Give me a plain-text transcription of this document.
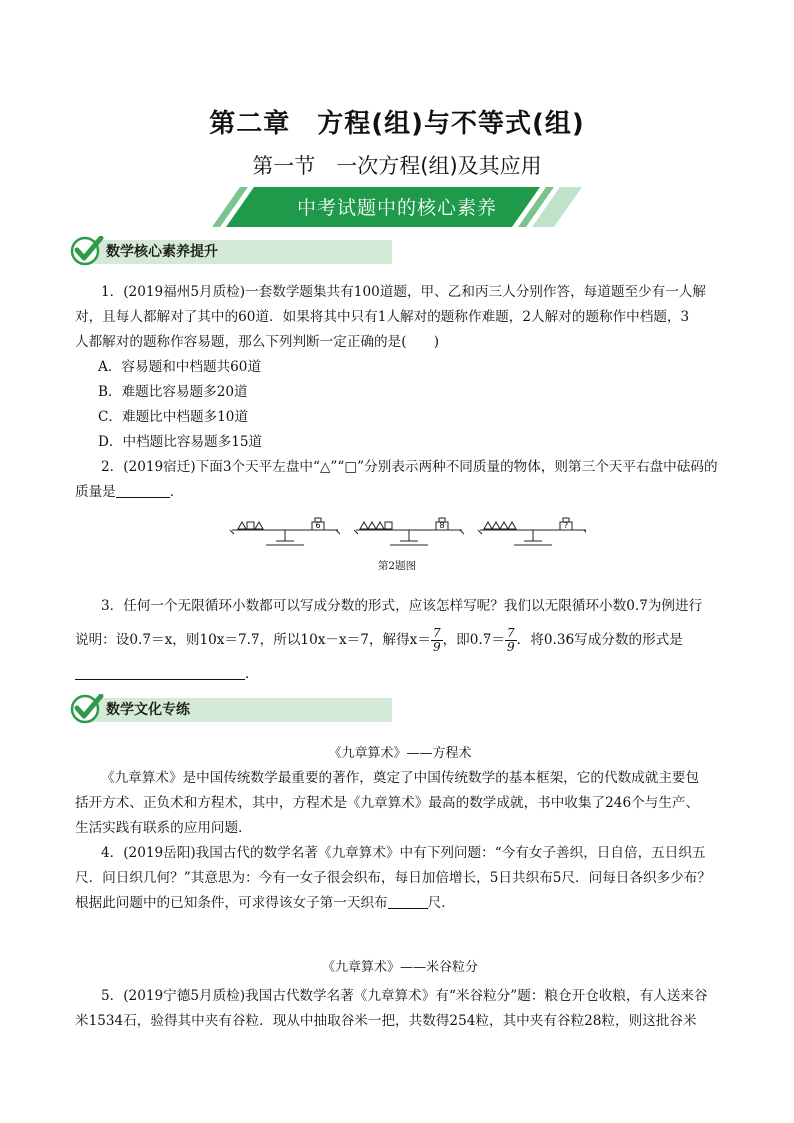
第二章　方程(组)与不等式(组)
第一节　一次方程(组)及其应用
中考试题中的核心素养
数学核心素养提升
1．(2019福州5月质检)一套数学题集共有100道题，甲、乙和丙三人分别作答，每道题至少有一人解
对，且每人都解对了其中的60道．如果将其中只有1人解对的题称作难题，2人解对的题称作中档题，3
人都解对的题称作容易题，那么下列判断一定正确的是(　　)
A．容易题和中档题共60道
B．难题比容易题多20道
C．难题比中档题多10道
D．中档题比容易题多15道
2．(2019宿迁)下面3个天平左盘中“△”“□”分别表示两种不同质量的物体，则第三个天平右盘中砝码的
质量是	．
6	8	?
第2题图
3．任何一个无限循环小数都可以写成分数的形式，应该怎样写呢？我们以无限循环小数0.7 ·为例进行
说明：设0.7 ·＝x，则10x＝7.7 ·，所以10x－x＝7，解得$x= \frac{7}{9}$ ，即$0.7 \cdot= \frac{7}{9}$ ．将0.36 ·写成分数的形式是
．
数学文化专练
《九章算术》——方程术
《九章算术》是中国传统数学最重要的著作，奠定了中国传统数学的基本框架，它的代数成就主要包
括开方术、正负术和方程术，其中，方程术是《九章算术》最高的数学成就，书中收集了246个与生产、
生活实践有联系的应用问题．
4．(2019岳阳)我国古代的数学名著《九章算术》中有下列问题：“今有女子善织，日自倍，五日织五
尺．问日织几何？”其意思为：今有一女子很会织布，每日加倍增长，5日共织布5尺．问每日各织多少布？
根据此问题中的已知条件，可求得该女子第一天织布	尺．
《九章算术》——米谷粒分
5．(2019宁德5月质检)我国古代数学名著《九章算术》有“米谷粒分”题：粮仓开仓收粮，有人送来谷
米1534石，验得其中夹有谷粒．现从中抽取谷米一把，共数得254粒，其中夹有谷粒28粒，则这批谷米
